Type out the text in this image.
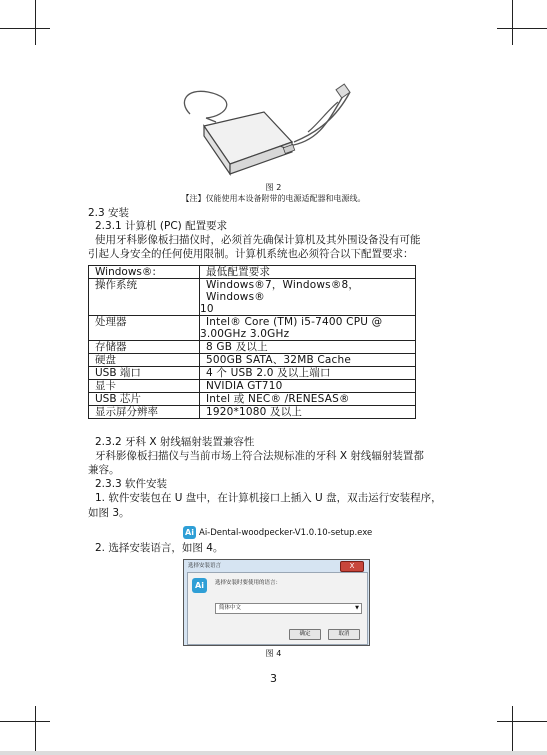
图 2
【注】仅能使用本设备附带的电源适配器和电源线。
2.3 安装
2.3.1 计算机 (PC) 配置要求
使用牙科影像板扫描仪时，必须首先确保计算机及其外围设备没有可能
引起人身安全的任何使用限制。计算机系统也必须符合以下配置要求：
Windows®:	最低配置要求
操作系统	Windows®7，Windows®8，Windows®
10
处理器	Intel® Core (TM) i5-7400 CPU @
3.00GHz 3.0GHz
存储器	8 GB 及以上
硬盘	500GB SATA、32MB Cache
USB 端口	4 个 USB 2.0 及以上端口
显卡	NVIDIA GT710
USB 芯片	Intel 或 NEC® /RENESAS®
显示屏分辨率	1920*1080 及以上
2.3.2 牙科 X 射线辐射装置兼容性
牙科影像板扫描仪与当前市场上符合法规标准的牙科 X 射线辐射装置都
兼容。
2.3.3 软件安装
1. 软件安装包在 U 盘中，在计算机接口上插入 U 盘，双击运行安装程序，
如图 3。
Ai Ai-Dental-woodpecker-V1.0.10-setup.exe
2. 选择安装语言，如图 4。
选择安装语言	X
Ai	选择安装时要使用的语言：
简体中文	▼
确定	取消
图 4
3
